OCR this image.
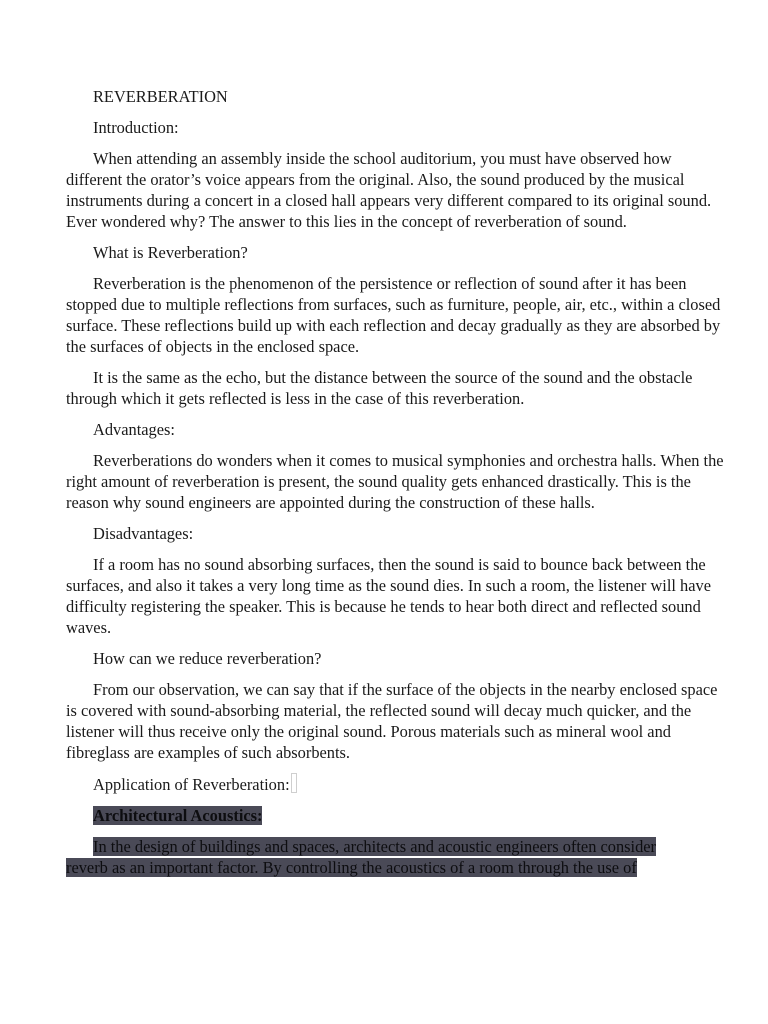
REVERBERATION

Introduction:

When attending an assembly inside the school auditorium, you must have observed how different the orator’s voice appears from the original. Also, the sound produced by the musical instruments during a concert in a closed hall appears very different compared to its original sound. Ever wondered why? The answer to this lies in the concept of reverberation of sound.

What is Reverberation?

Reverberation is the phenomenon of the persistence or reflection of sound after it has been stopped due to multiple reflections from surfaces, such as furniture, people, air, etc., within a closed surface. These reflections build up with each reflection and decay gradually as they are absorbed by the surfaces of objects in the enclosed space.

It is the same as the echo, but the distance between the source of the sound and the obstacle through which it gets reflected is less in the case of this reverberation.

Advantages:

Reverberations do wonders when it comes to musical symphonies and orchestra halls. When the right amount of reverberation is present, the sound quality gets enhanced drastically. This is the reason why sound engineers are appointed during the construction of these halls.

Disadvantages:

If a room has no sound absorbing surfaces, then the sound is said to bounce back between the surfaces, and also it takes a very long time as the sound dies. In such a room, the listener will have difficulty registering the speaker. This is because he tends to hear both direct and reflected sound waves.

How can we reduce reverberation?

From our observation, we can say that if the surface of the objects in the nearby enclosed space is covered with sound-absorbing material, the reflected sound will decay much quicker, and the listener will thus receive only the original sound. Porous materials such as mineral wool and fibreglass are examples of such absorbents.

Application of Reverberation:

Architectural Acoustics:

In the design of buildings and spaces, architects and acoustic engineers often consider
reverb as an important factor. By controlling the acoustics of a room through the use of
